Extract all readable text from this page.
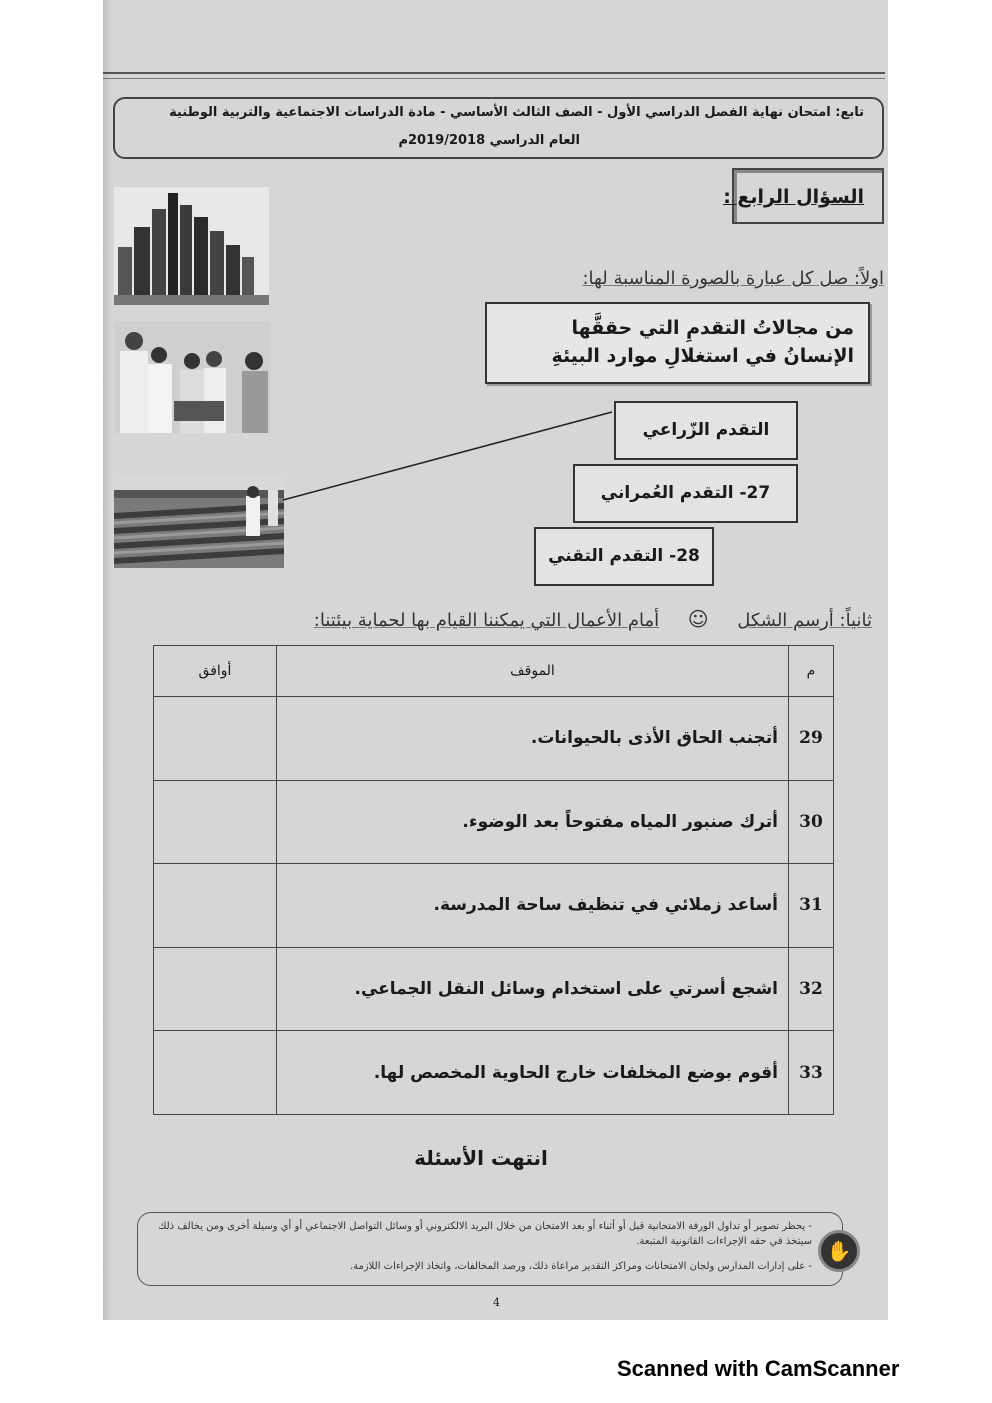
تابع: امتحان نهاية الفصل الدراسي الأول - الصف الثالث الأساسي - مادة الدراسات الاجتماعية والتربية الوطنية
العام الدراسي 2019/2018م
السؤال الرابع :
اولاً: صل كل عبارة بالصورة المناسبة لها:
من مجالاتُ التقدمِ التي حققَّها الإنسانُ في استغلالِ موارد البيئةِ
التقدم الزّراعي
27- التقدم العُمراني
28- التقدم التقني
ثانياً: أرسم الشكل     ☺     أمام الأعمال التي يمكننا القيام بها لحماية بيئتنا:
م	الموقف	أوافق
29	أتجنب الحاق الأذى بالحيوانات.	
30	أترك صنبور المياه مفتوحاً بعد الوضوء.	
31	أساعد زملائي في تنظيف ساحة المدرسة.	
32	اشجع أسرتي على استخدام وسائل النقل الجماعي.	
33	أقوم بوضع المخلفات خارج الحاوية المخصص لها.	
انتهت الأسئلة
- يحظر تصوير أو تداول الورقة الامتحانية قبل أو أثناء أو بعد الامتحان من خلال البريد الالكتروني أو وسائل التواصل الاجتماعي أو أي وسيلة أخرى ومن يخالف ذلك سيتخذ في حقه الإجراءات القانونية المتبعة.
- على إدارات المدارس ولجان الامتحانات ومراكز التقدير مراعاة ذلك، ورصد المخالفات، واتخاذ الإجراءات اللازمة.
✋
4
Scanned with CamScanner
